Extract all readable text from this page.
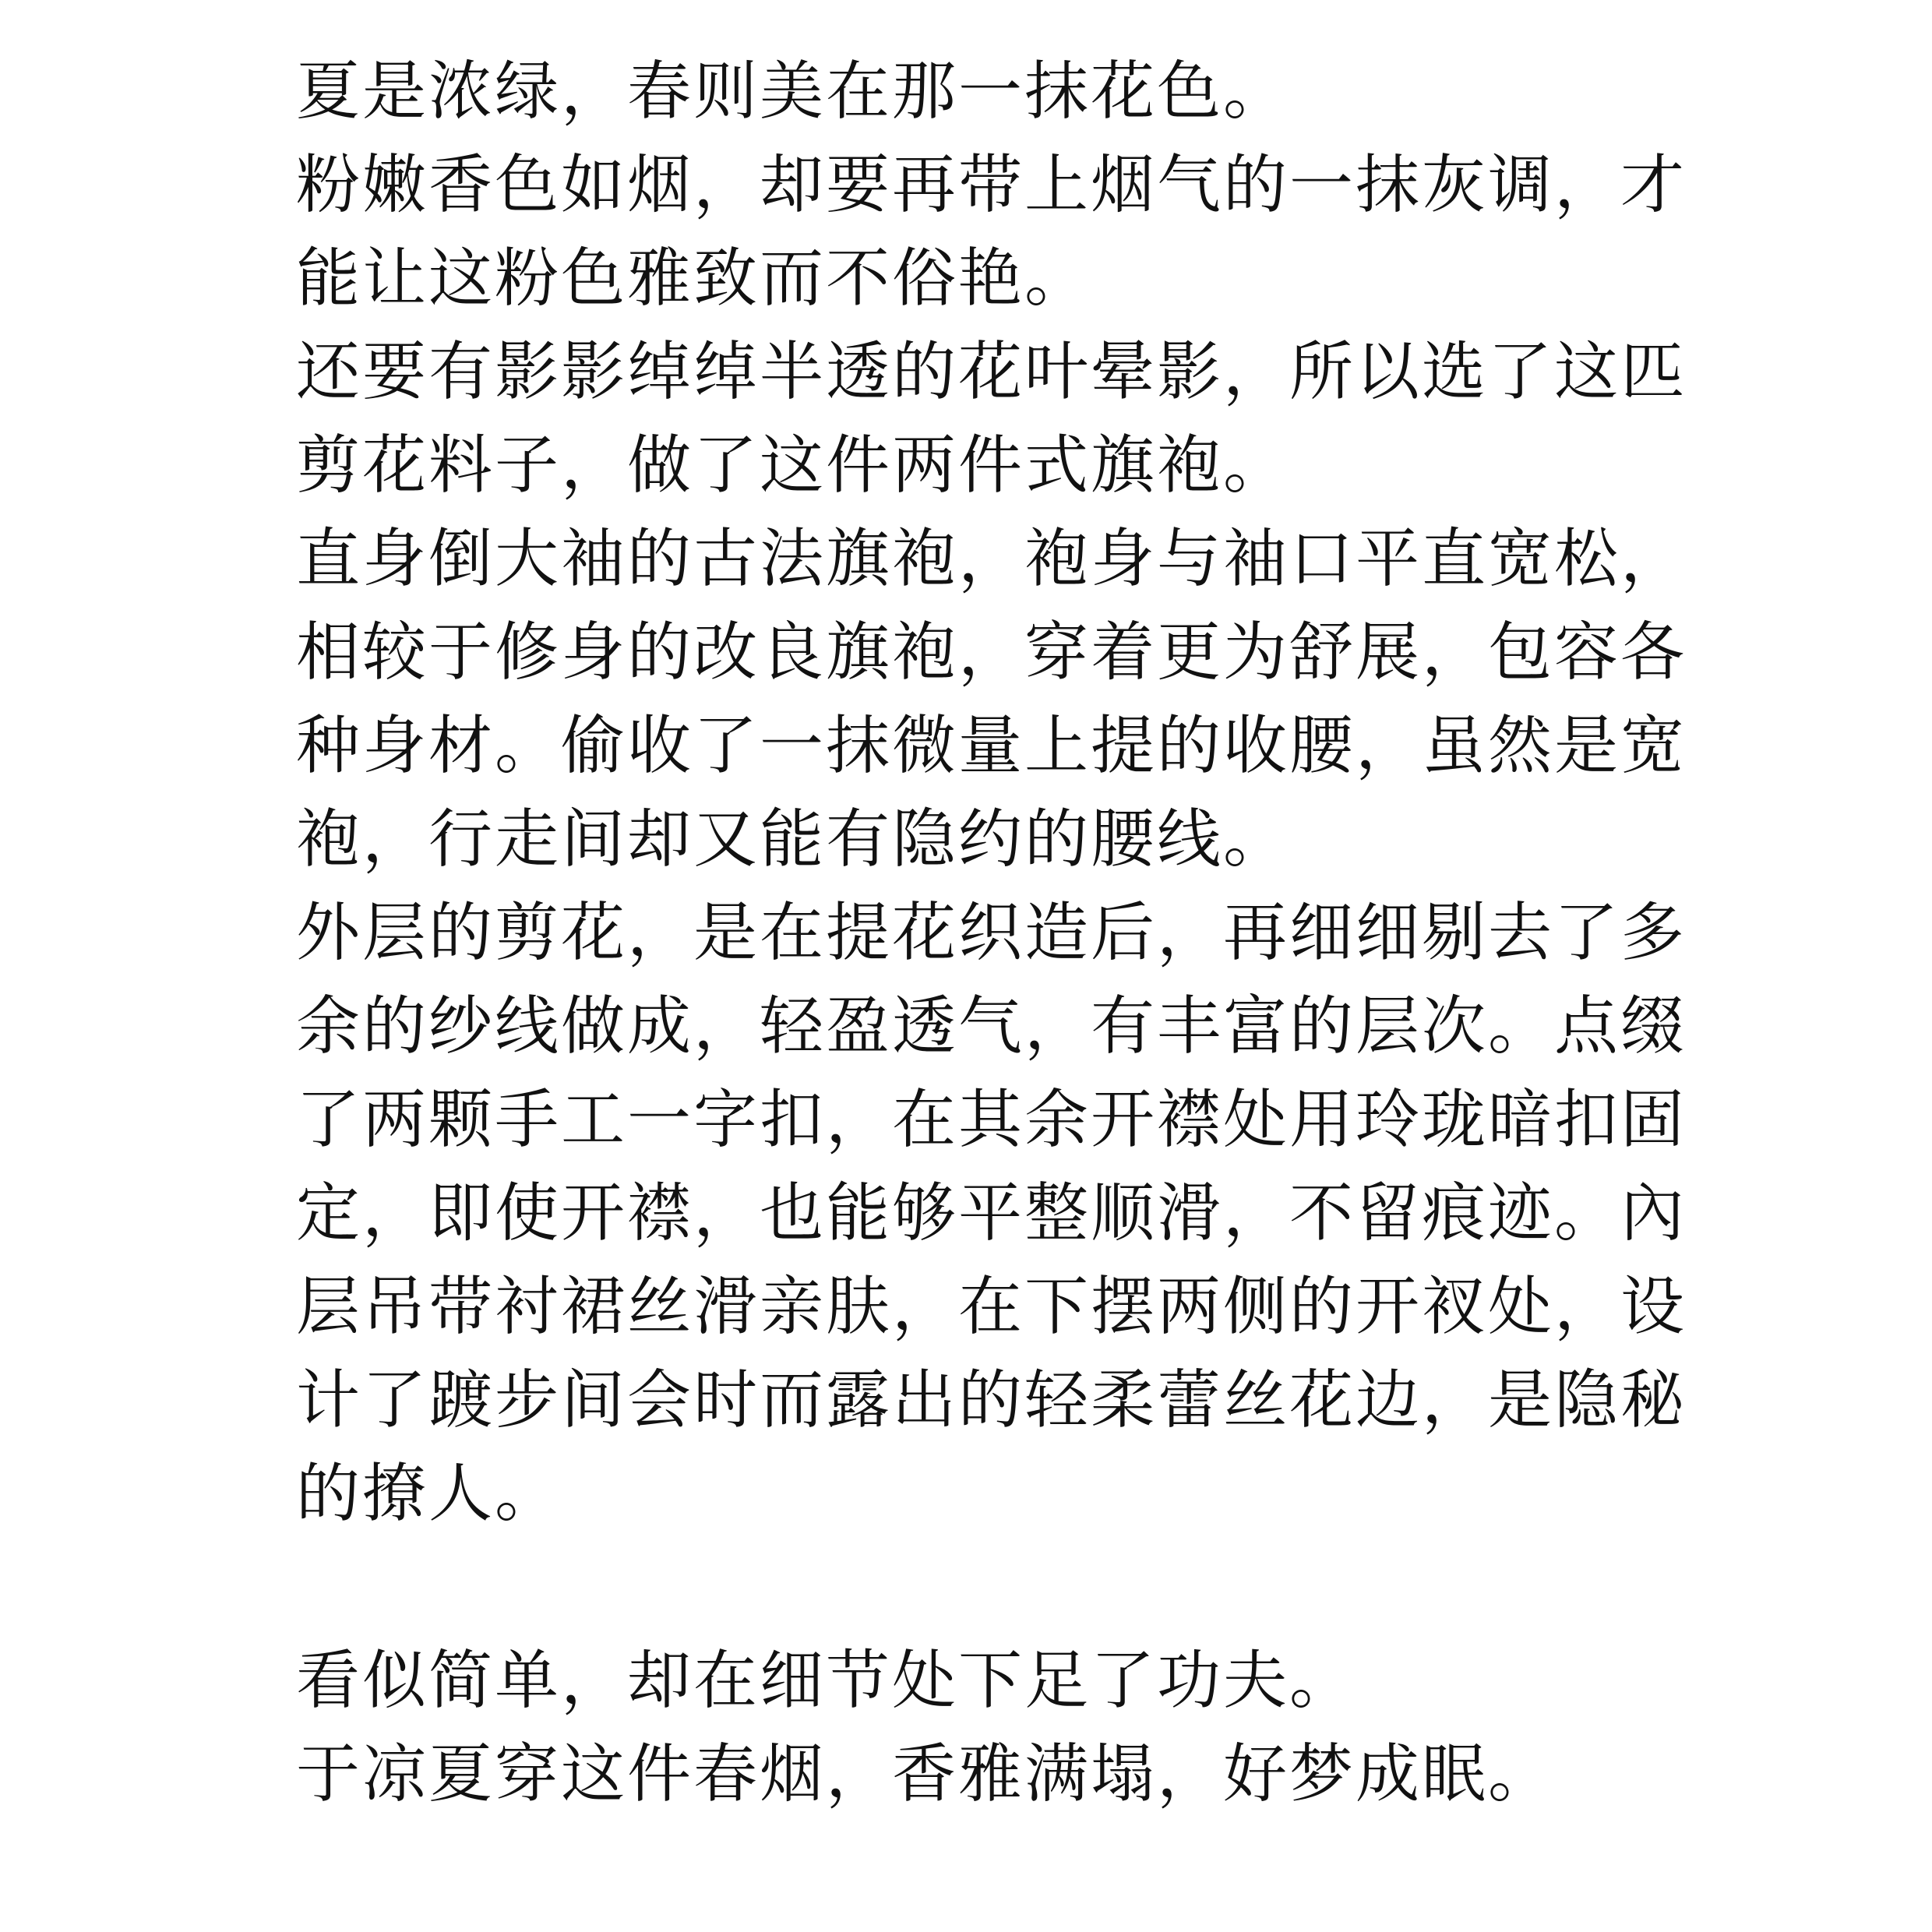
夏是浓绿，春则美在那一抹花色。
粉嫩香色如烟，却要再带上烟气的一抹灰调，才
能让这粉色雅致而不俗艳。
还要有影影绰绰半透的花叶晕影，所以选了这匹
剪花料子，做了这件两件式旗袍。
直身倒大袖的古法旗袍，袍身与袖口平直宽松，
相较于修身的改良旗袍，穿着更为舒展，包容各
种身材。偷收了一抹微量上提的收腰，虽然是宽
袍，行走间却又能有隐约的腰线。
外层的剪花，是在提花织造后，再细细剔去了多
余的纱线做成，轻盈透气，有丰富的层次。点缀
了两颗手工一字扣，在其余开襟处用玲珑暗扣固
定，即使开襟，也能够平整顺滑，不留痕迹。內
层吊带衬裙丝滑亲肤，在下摆两侧的开衩处，设
计了踱步间会时而露出的轻柔蕾丝花边，是隐秘
的撩人。
看似简单，却在细节处下足了功夫。
于凉夏穿这件春烟，香雅满塌，好梦成眠。
